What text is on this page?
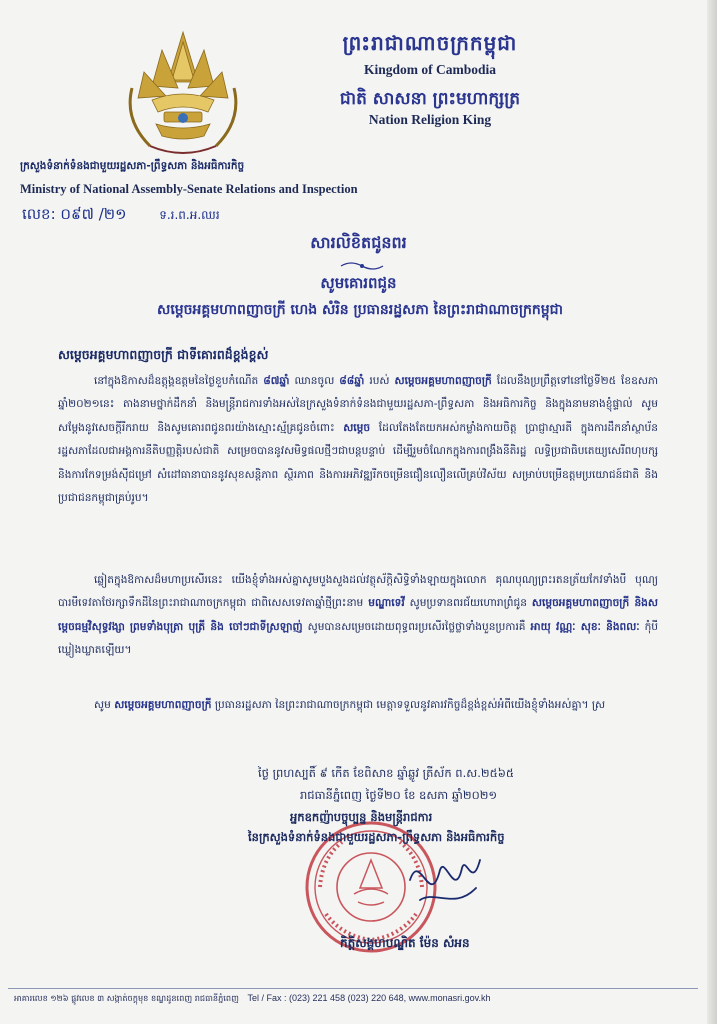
ក្រសួងទំនាក់ទំនងជាមួយរដ្ឋសភា-ព្រឹទ្ធសភា និងអធិការកិច្ច
Ministry of National Assembly-Senate Relations and Inspection
ព្រះរាជាណាចក្រកម្ពុជា
Kingdom of Cambodia
ជាតិ សាសនា ព្រះមហាក្សត្រ
Nation Religion King
លេខ: ០៩៧ /២១	ទ.រ.ព.អ.ឈរ
សារលិខិតជូនពរ
សូមគោរពជូន
សម្តេចអគ្គមហាពញាចក្រី ហេង សំរិន ប្រធានរដ្ឋសភា នៃព្រះរាជាណាចក្រកម្ពុជា
សម្តេចអគ្គមហាពញាចក្រី ជាទីគោរពដ៏ខ្ពង់ខ្ពស់
នៅក្នុងឱកាសដ៏ឧត្តុង្គឧត្តមនៃថ្ងៃខួបកំណើត ៨៧ឆ្នាំ ឈានចូល ៨៨ឆ្នាំ របស់ សម្តេចអគ្គមហាពញាចក្រី ដែលនឹងប្រព្រឹត្តទៅនៅថ្ងៃទី២៥ ខែឧសភា ឆ្នាំ២០២១នេះ តាងនាមថ្នាក់ដឹកនាំ និងមន្ត្រីរាជការទាំងអស់នៃក្រសួងទំនាក់ទំនងជាមួយរដ្ឋសភា-ព្រឹទ្ធសភា និងអធិការកិច្ច និងក្នុងនាមនាងខ្ញុំផ្ទាល់ សូមសម្តែងនូវសេចក្តីរីករាយ និងសូមគោរពជូនពរយ៉ាងស្មោះស្ម័គ្រជូនចំពោះ សម្តេច ដែលតែងតែយកអស់កម្លាំងកាយចិត្ត ប្រាជ្ញាស្មារតី ក្នុងការដឹកនាំស្ថាប័នរដ្ឋសភាដែលជាអង្គការនីតិបញ្ញត្តិរបស់ជាតិ សម្រេចបាននូវសមិទ្ធផលថ្មីៗជាបន្តបន្ទាប់ ដើម្បីរួមចំណែកក្នុងការពង្រឹងនីតិរដ្ឋ លទ្ធិប្រជាធិបតេយ្យសេរីពហុបក្ស និងការកែទម្រង់ស៊ីជម្រៅ សំដៅធានាបាននូវសុខសន្តិភាព ស្ថិរភាព និងការអភិវឌ្ឍរីកចម្រើនជឿនលឿនលើគ្រប់វិស័យ សម្រាប់បម្រើឧត្តមប្រយោជន៍ជាតិ និងប្រជាជនកម្ពុជាគ្រប់រូប។
ឆ្លៀតក្នុងឱកាសដ៏មហាប្រសើរនេះ យើងខ្ញុំទាំងអស់គ្នាសូមបួងសួងដល់វត្ថុស័ក្តិសិទ្ធិទាំងឡាយក្នុងលោក គុណបុណ្យព្រះរតនត្រ័យកែវទាំងបី បុណ្យបារមីទេវតាថែរក្សាទឹកដីនៃព្រះរាជាណាចក្រកម្ពុជា ជាពិសេសទេវតាឆ្នាំថ្មីព្រះនាម មណ្ឌាទេវី សូមប្រទានពរជ័យហោរាព្រំជូន សម្តេចអគ្គមហាពញាចក្រី និងសម្តេចធម្មវិសុទ្ធវង្សា ព្រមទាំងបុត្រា បុត្រី និង ចៅៗជាទីស្រឡាញ់ សូមបានសម្រេចដោយពុទ្ធពរប្រសើរថ្លៃថ្លាទាំងបួនប្រការគឺ អាយុ វណ្ណៈ សុខៈ និងពលៈ កុំបីឃ្លៀងឃ្លាតឡើយ។
សូម សម្តេចអគ្គមហាពញាចក្រី ប្រធានរដ្ឋសភា នៃព្រះរាជាណាចក្រកម្ពុជា មេត្តាទទួលនូវគារវកិច្ចដ៏ខ្ពង់ខ្ពស់អំពីយើងខ្ញុំទាំងអស់គ្នា។ ស្រ
ថ្ងៃ ព្រហស្បតិ៍ ៩ កើត ខែពិសាខ ឆ្នាំឆ្លូវ ត្រីស័ក ព.ស.២៥៦៥
រាជធានីភ្នំពេញ ថ្ងៃទី២០ ខែ ឧសភា ឆ្នាំ២០២១
អ្នកឧកញ៉ាបច្ចុប្បន្ន និងមន្ត្រីរាជការ
នៃក្រសួងទំនាក់ទំនងជាមួយរដ្ឋសភា-ព្រឹទ្ធសភា និងអធិការកិច្ច
កិត្តិសង្គហបណ្ឌិត ម៉ែន សំអន
អាគារលេខ ១២៦ ផ្លូវលេខ ៣ សង្កាត់ចក្តុមុខ ខណ្ឌដូនពេញ រាជធានីភ្នំពេញ Tel / Fax : (023) 221 458 (023) 220 648, www.monasri.gov.kh
